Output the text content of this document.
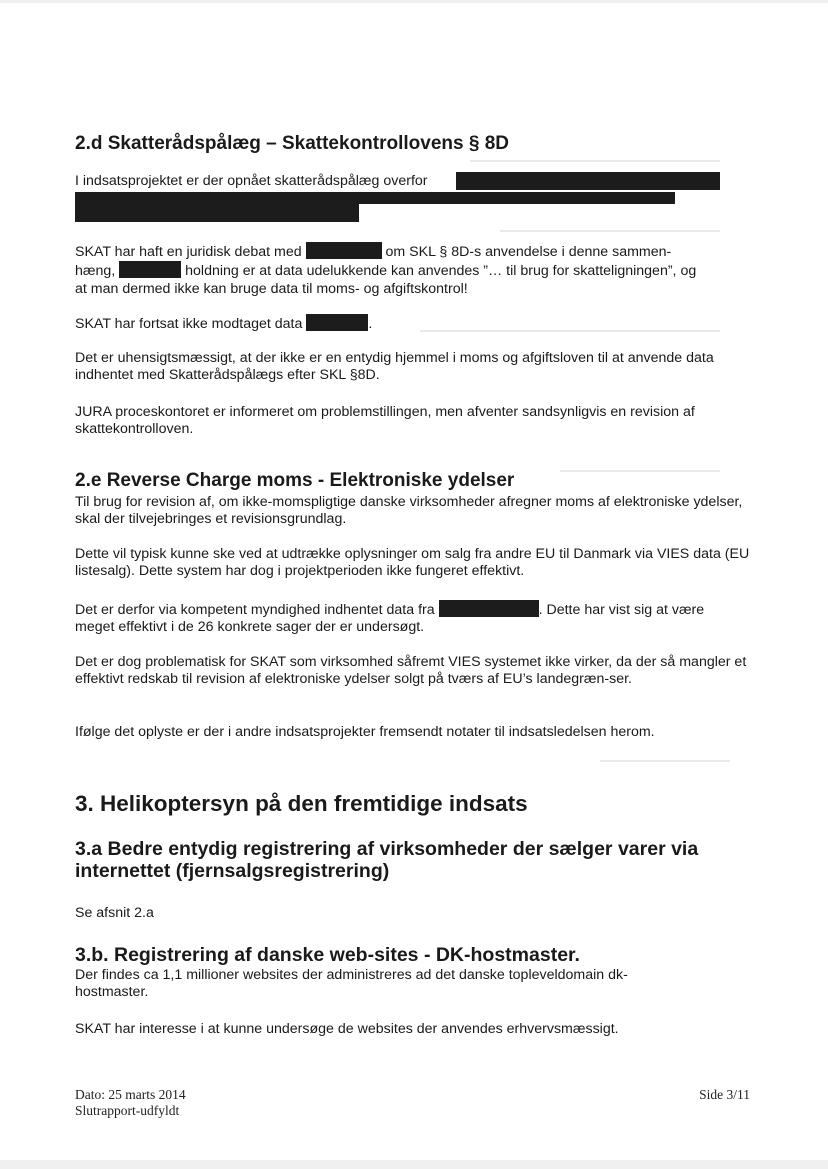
2.d Skatterådspålæg – Skattekontrollovens § 8D
I indsatsprojektet er der opnået skatterådspålæg overfor
SKAT har haft en juridisk debat med	om SKL § 8D-s anvendelse i denne sammen-
hæng,	holdning er at data udelukkende kan anvendes ”… til brug for skatteligningen”, og
at man dermed ikke kan bruge data til moms- og afgiftskontrol!
SKAT har fortsat ikke modtaget data	.
Det er uhensigtsmæssigt, at der ikke er en entydig hjemmel i moms og afgiftsloven til at anvende data indhentet med Skatterådspålægs efter SKL §8D.
JURA proceskontoret er informeret om problemstillingen, men afventer sandsynligvis en revision af skattekontrolloven.
2.e Reverse Charge moms - Elektroniske ydelser
Til brug for revision af, om ikke-momspligtige danske virksomheder afregner moms af elektroniske ydelser, skal der tilvejebringes et revisionsgrundlag.
Dette vil typisk kunne ske ved at udtrække oplysninger om salg fra andre EU til Danmark via VIES data (EU listesalg). Dette system har dog i projektperioden ikke fungeret effektivt.
Det er derfor via kompetent myndighed indhentet data fra	. Dette har vist sig at være
meget effektivt i de 26 konkrete sager der er undersøgt.
Det er dog problematisk for SKAT som virksomhed såfremt VIES systemet ikke virker, da der så mangler et effektivt redskab til revision af elektroniske ydelser solgt på tværs af EU’s landegræn-ser.
Ifølge det oplyste er der i andre indsatsprojekter fremsendt notater til indsatsledelsen herom.
3. Helikoptersyn på den fremtidige indsats
3.a Bedre entydig registrering af virksomheder der sælger varer via internettet (fjernsalgsregistrering)
Se afsnit 2.a
3.b. Registrering af danske web-sites - DK-hostmaster.
Der findes ca 1,1 millioner websites der administreres ad det danske topleveldomain dk-hostmaster.
SKAT har interesse i at kunne undersøge de websites der anvendes erhvervsmæssigt.
Dato: 25 marts 2014
Slutrapport-udfyldt
Side 3/11
